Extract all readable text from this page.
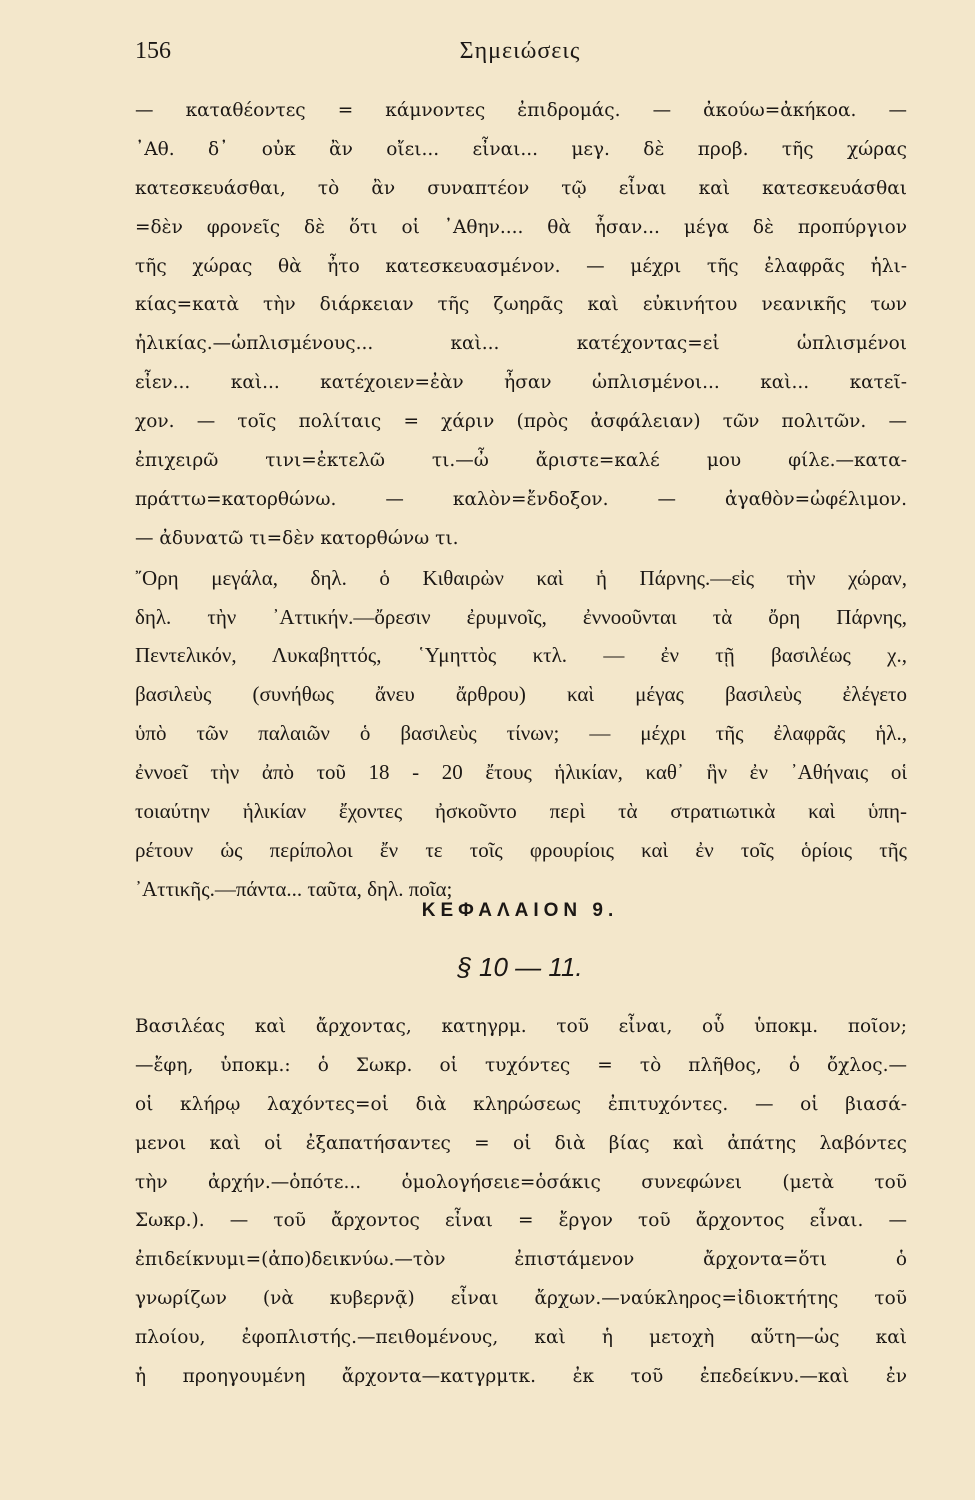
156	Σημειώσεις
— καταθέοντες = κάμνοντες ἐπιδρομάς. — ἀκούω=ἀκήκοα. —
᾿Αθ. δ᾿ οὐκ ἂν οἴει... εἶναι... μεγ. δὲ προβ. τῆς χώρας
κατεσκευάσθαι, τὸ ἂν συναπτέον τῷ εἶναι καὶ κατεσκευάσθαι
=δὲν φρονεῖς δὲ ὅτι οἱ ᾿Αθην.... θὰ ἦσαν... μέγα δὲ προπύργιον
τῆς χώρας θὰ ἦτο κατεσκευασμένον. — μέχρι τῆς ἐλαφρᾶς ἡλι-
κίας=κατὰ τὴν διάρκειαν τῆς ζωηρᾶς καὶ εὐκινήτου νεανικῆς των
ἡλικίας.—ὡπλισμένους... καὶ... κατέχοντας=εἰ ὡπλισμένοι
εἶεν... καὶ... κατέχοιεν=ἐὰν ἦσαν ὡπλισμένοι... καὶ... κατεῖ-
χον. — τοῖς πολίταις = χάριν (πρὸς ἀσφάλειαν) τῶν πολιτῶν. —
ἐπιχειρῶ τινι=ἐκτελῶ τι.—ὦ ἄριστε=καλέ μου φίλε.—κατα-
πράττω=κατορθώνω. — καλὸν=ἔνδοξον. — ἀγαθὸν=ὠφέλιμον.
— ἀδυνατῶ τι=δὲν κατορθώνω τι.
῎Ορη μεγάλα, δηλ. ὁ Κιθαιρὼν καὶ ἡ Πάρνης.—εἰς τὴν χώραν,
δηλ. τὴν ᾿Αττικήν.—ὄρεσιν ἐρυμνοῖς, ἐννοοῦνται τὰ ὄρη Πάρνης,
Πεντελικόν, Λυκαβηττός, ῾Υμηττὸς κτλ. — ἐν τῇ βασιλέως χ.,
βασιλεὺς (συνήθως ἄνευ ἄρθρου) καὶ μέγας βασιλεὺς ἐλέγετο
ὑπὸ τῶν παλαιῶν ὁ βασιλεὺς τίνων; — μέχρι τῆς ἐλαφρᾶς ἡλ.,
ἐννοεῖ τὴν ἀπὸ τοῦ 18 - 20 ἔτους ἡλικίαν, καθ᾿ ἣν ἐν ᾿Αθήναις οἱ
τοιαύτην ἡλικίαν ἔχοντες ἠσκοῦντο περὶ τὰ στρατιωτικὰ καὶ ὑπη-
ρέτουν ὡς περίπολοι ἔν τε τοῖς φρουρίοις καὶ ἐν τοῖς ὁρίοις τῆς
᾿Αττικῆς.—πάντα... ταῦτα, δηλ. ποῖα;
ΚΕΦΑΛΑΙΟΝ 9.
§ 10 — 11.
Βασιλέας καὶ ἄρχοντας, κατηγρμ. τοῦ εἶναι, οὗ ὑποκμ. ποῖον;
—ἔφη, ὑποκμ.: ὁ Σωκρ. οἱ τυχόντες = τὸ πλῆθος, ὁ ὄχλος.—
οἱ κλήρῳ λαχόντες=οἱ διὰ κληρώσεως ἐπιτυχόντες. — οἱ βιασά-
μενοι καὶ οἱ ἐξαπατήσαντες = οἱ διὰ βίας καὶ ἀπάτης λαβόντες
τὴν ἀρχήν.—ὁπότε... ὁμολογήσειε=ὁσάκις συνεφώνει (μετὰ τοῦ
Σωκρ.). — τοῦ ἄρχοντος εἶναι = ἔργον τοῦ ἄρχοντος εἶναι. —
ἐπιδείκνυμι=(ἀπο)δεικνύω.—τὸν ἐπιστάμενον ἄρχοντα=ὅτι ὁ
γνωρίζων (νὰ κυβερνᾷ) εἶναι ἄρχων.—ναύκληρος=ἰδιοκτήτης τοῦ
πλοίου, ἐφοπλιστής.—πειθομένους, καὶ ἡ μετοχὴ αὕτη—ὡς καὶ
ἡ προηγουμένη ἄρχοντα—κατγρμτκ. ἐκ τοῦ ἐπεδείκνυ.—καὶ ἐν
